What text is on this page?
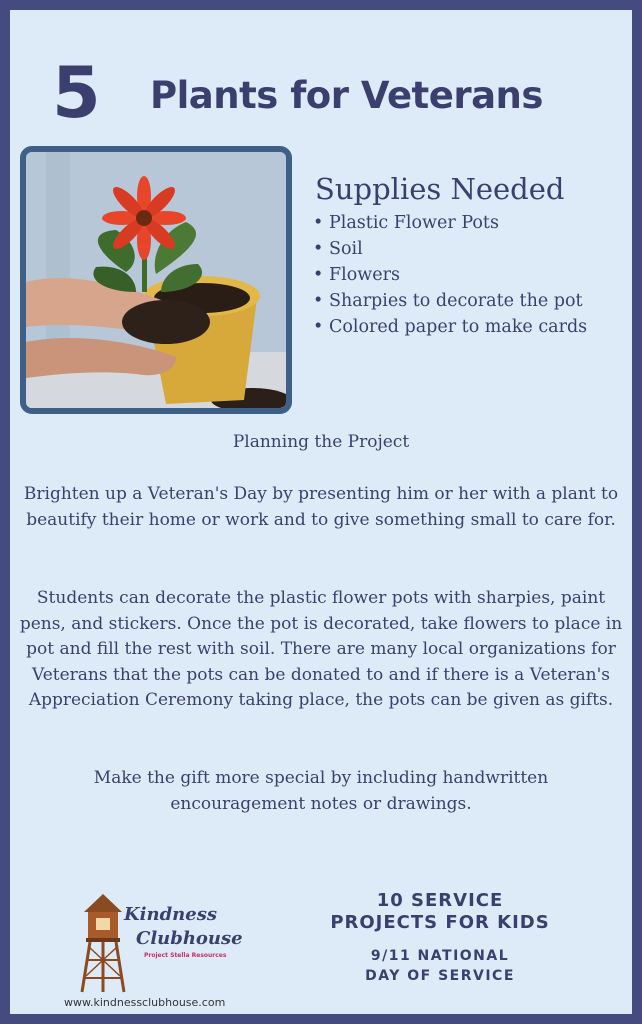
5 Plants for Veterans
Supplies Needed
• Plastic Flower Pots
• Soil
• Flowers
• Sharpies to decorate the pot
• Colored paper to make cards
Planning the Project
Brighten up a Veteran's Day by presenting him or her with a plant to beautify their home or work and to give something small to care for.
Students can decorate the plastic flower pots with sharpies, paint pens, and stickers. Once the pot is decorated, take flowers to place in pot and fill the rest with soil. There are many local organizations for Veterans that the pots can be donated to and if there is a Veteran's Appreciation Ceremony taking place, the pots can be given as gifts.
Make the gift more special by including handwritten encouragement notes or drawings.
Kindness
Clubhouse
Project Stella Resources
www.kindnessclubhouse.com
10 SERVICE
PROJECTS FOR KIDS
9/11 NATIONAL
DAY OF SERVICE
